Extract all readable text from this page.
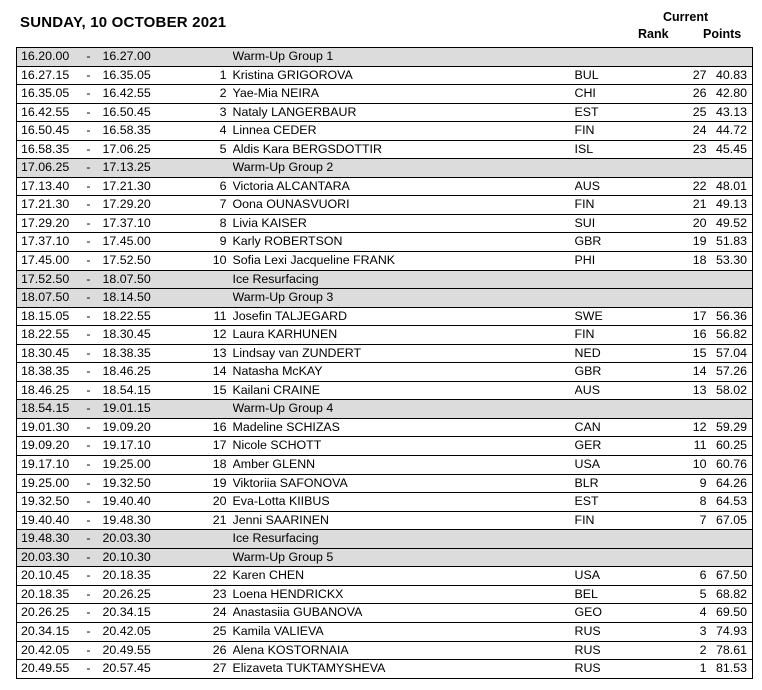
SUNDAY, 10 OCTOBER 2021	Current
Rank	Points
16.20.00	-	16.27.00		Warm-Up Group 1			
16.27.15	-	16.35.05	1	Kristina GRIGOROVA	BUL	27	40.83
16.35.05	-	16.42.55	2	Yae-Mia NEIRA	CHI	26	42.80
16.42.55	-	16.50.45	3	Nataly LANGERBAUR	EST	25	43.13
16.50.45	-	16.58.35	4	Linnea CEDER	FIN	24	44.72
16.58.35	-	17.06.25	5	Aldis Kara BERGSDOTTIR	ISL	23	45.45
17.06.25	-	17.13.25		Warm-Up Group 2			
17.13.40	-	17.21.30	6	Victoria ALCANTARA	AUS	22	48.01
17.21.30	-	17.29.20	7	Oona OUNASVUORI	FIN	21	49.13
17.29.20	-	17.37.10	8	Livia KAISER	SUI	20	49.52
17.37.10	-	17.45.00	9	Karly ROBERTSON	GBR	19	51.83
17.45.00	-	17.52.50	10	Sofia Lexi Jacqueline FRANK	PHI	18	53.30
17.52.50	-	18.07.50		Ice Resurfacing			
18.07.50	-	18.14.50		Warm-Up Group 3			
18.15.05	-	18.22.55	11	Josefin TALJEGARD	SWE	17	56.36
18.22.55	-	18.30.45	12	Laura KARHUNEN	FIN	16	56.82
18.30.45	-	18.38.35	13	Lindsay van ZUNDERT	NED	15	57.04
18.38.35	-	18.46.25	14	Natasha McKAY	GBR	14	57.26
18.46.25	-	18.54.15	15	Kailani CRAINE	AUS	13	58.02
18.54.15	-	19.01.15		Warm-Up Group 4			
19.01.30	-	19.09.20	16	Madeline SCHIZAS	CAN	12	59.29
19.09.20	-	19.17.10	17	Nicole SCHOTT	GER	11	60.25
19.17.10	-	19.25.00	18	Amber GLENN	USA	10	60.76
19.25.00	-	19.32.50	19	Viktoriia SAFONOVA	BLR	9	64.26
19.32.50	-	19.40.40	20	Eva-Lotta KIIBUS	EST	8	64.53
19.40.40	-	19.48.30	21	Jenni SAARINEN	FIN	7	67.05
19.48.30	-	20.03.30		Ice Resurfacing			
20.03.30	-	20.10.30		Warm-Up Group 5			
20.10.45	-	20.18.35	22	Karen CHEN	USA	6	67.50
20.18.35	-	20.26.25	23	Loena HENDRICKX	BEL	5	68.82
20.26.25	-	20.34.15	24	Anastasiia GUBANOVA	GEO	4	69.50
20.34.15	-	20.42.05	25	Kamila VALIEVA	RUS	3	74.93
20.42.05	-	20.49.55	26	Alena KOSTORNAIA	RUS	2	78.61
20.49.55	-	20.57.45	27	Elizaveta TUKTAMYSHEVA	RUS	1	81.53
